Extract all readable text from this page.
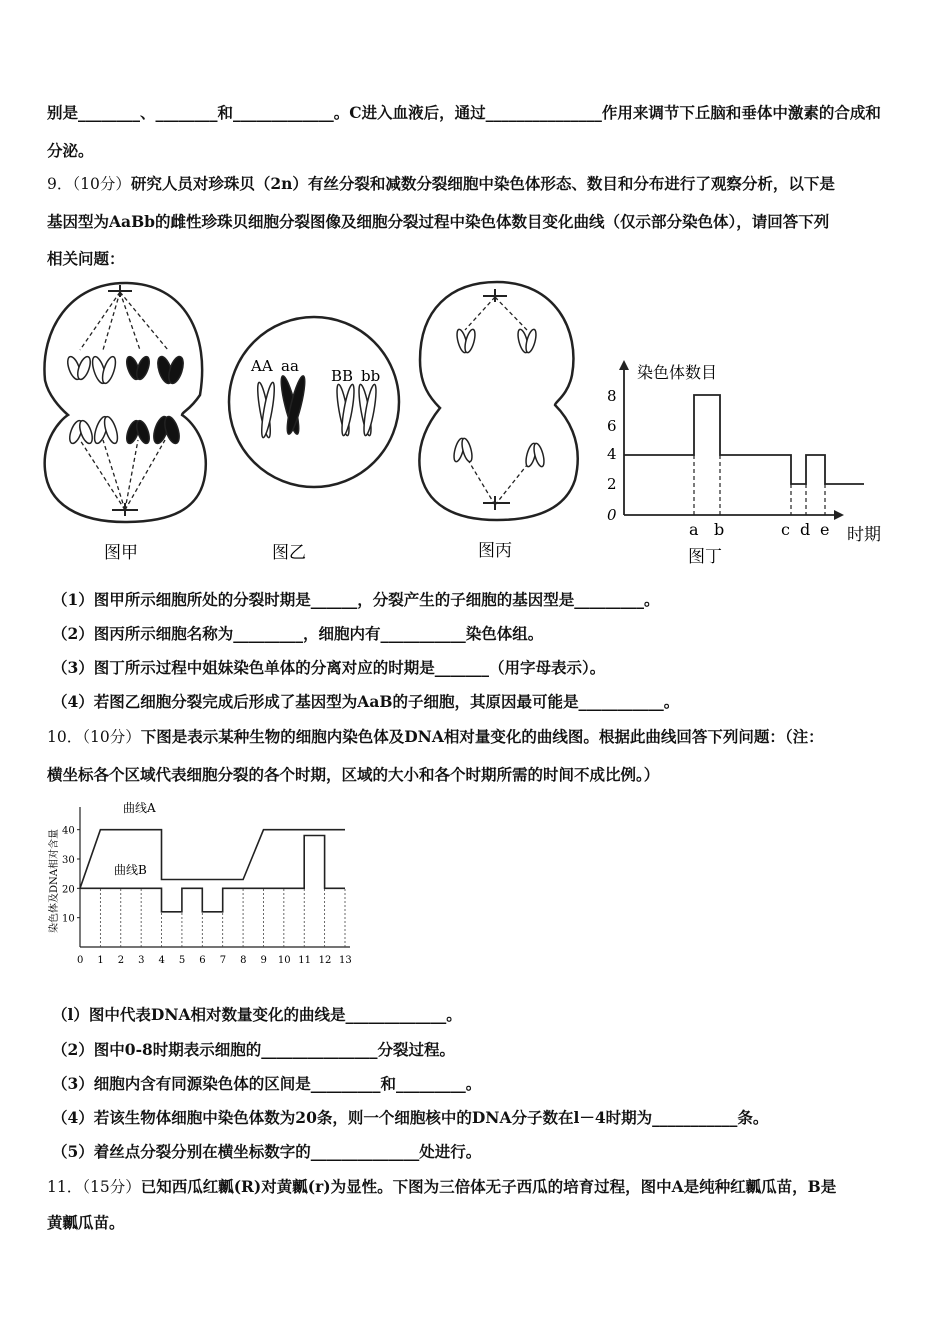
别是________、________和_____________。C进入血液后，通过_______________作用来调节下丘脑和垂体中激素的合成和
分泌。
9．（10分）研究人员对珍珠贝（2n）有丝分裂和减数分裂细胞中染色体形态、数目和分布进行了观察分析，以下是
基因型为AaBb的雌性珍珠贝细胞分裂图像及细胞分裂过程中染色体数目变化曲线（仅示部分染色体），请回答下列
相关问题：
图甲
AA aa
BB bb
图乙	图丙
染色体数目
时期
8
6
4
2
0
a b	c d e
图丁
（1）图甲所示细胞所处的分裂时期是______，分裂产生的子细胞的基因型是_________。
（2）图丙所示细胞名称为_________，细胞内有___________染色体组。
（3）图丁所示过程中姐妹染色单体的分离对应的时期是_______（用字母表示）。
（4）若图乙细胞分裂完成后形成了基因型为AaB的子细胞，其原因最可能是___________。
10．（10分）下图是表示某种生物的细胞内染色体及DNA相对量变化的曲线图。根据此曲线回答下列问题：（注：
横坐标各个区域代表细胞分裂的各个时期，区域的大小和各个时期所需的时间不成比例。）
染色体及DNA相对含量 10
20
30
40
0 1 2 3 4 5 6 7 8 9 10 11 12 13
曲线A
曲线B
（l）图中代表DNA相对数量变化的曲线是_____________。
（2）图中0-8时期表示细胞的_______________分裂过程。
（3）细胞内含有同源染色体的区间是_________和_________。
（4）若该生物体细胞中染色体数为20条，则一个细胞核中的DNA分子数在l－4时期为___________条。
（5）着丝点分裂分别在横坐标数字的______________处进行。
11．（15分）已知西瓜红瓤(R)对黄瓤(r)为显性。下图为三倍体无子西瓜的培育过程，图中A是纯种红瓤瓜苗，B是
黄瓤瓜苗。
